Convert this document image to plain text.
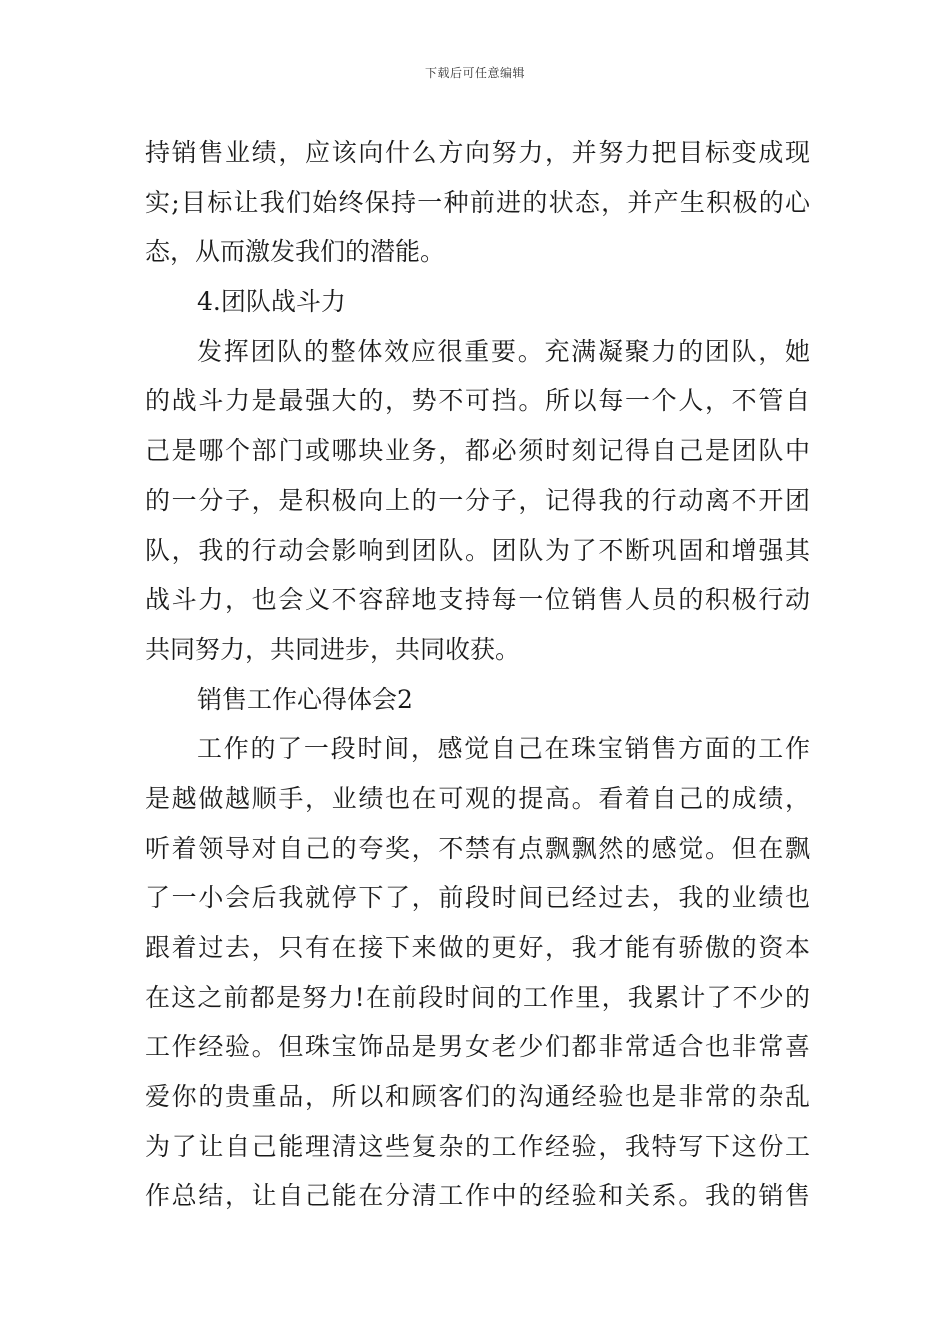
下载后可任意编辑
持销售业绩，应该向什么方向努力，并努力把目标变成现
实;目标让我们始终保持一种前进的状态，并产生积极的心
态，从而激发我们的潜能。
4.团队战斗力
发挥团队的整体效应很重要。充满凝聚力的团队，她
的战斗力是最强大的，势不可挡。所以每一个人，不管自
己是哪个部门或哪块业务，都必须时刻记得自己是团队中
的一分子，是积极向上的一分子，记得我的行动离不开团
队，我的行动会影响到团队。团队为了不断巩固和增强其
战斗力，也会义不容辞地支持每一位销售人员的积极行动
共同努力，共同进步，共同收获。
销售工作心得体会2
工作的了一段时间，感觉自己在珠宝销售方面的工作
是越做越顺手，业绩也在可观的提高。看着自己的成绩，
听着领导对自己的夸奖，不禁有点飘飘然的感觉。但在飘
了一小会后我就停下了，前段时间已经过去，我的业绩也
跟着过去，只有在接下来做的更好，我才能有骄傲的资本
在这之前都是努力!在前段时间的工作里，我累计了不少的
工作经验。但珠宝饰品是男女老少们都非常适合也非常喜
爱你的贵重品，所以和顾客们的沟通经验也是非常的杂乱
为了让自己能理清这些复杂的工作经验，我特写下这份工
作总结，让自己能在分清工作中的经验和关系。我的销售
